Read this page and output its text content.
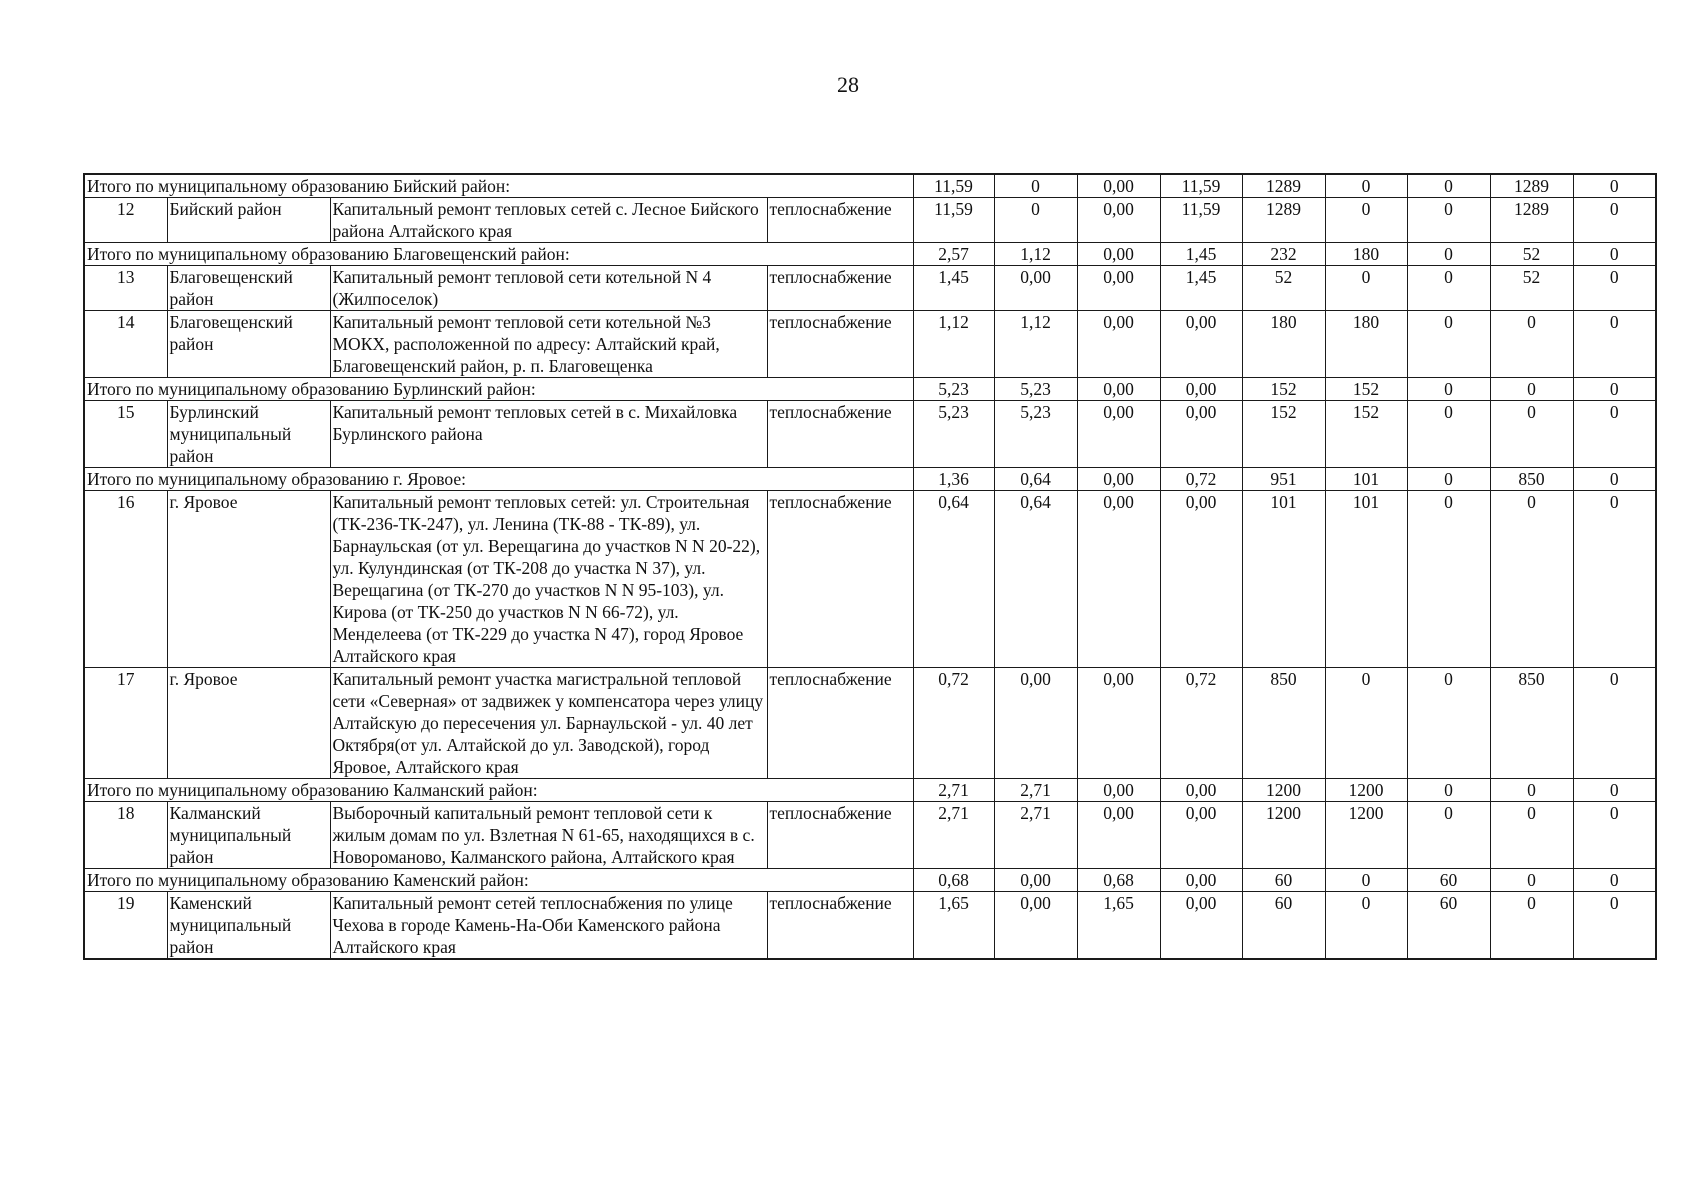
28
Итого по муниципальному образованию Бийский район:				11,59	0	0,00	11,59	1289	0	0	1289	0
12	Бийский район	Капитальный ремонт тепловых сетей с. Лесное Бийского района Алтайского края	теплоснабжение	11,59	0	0,00	11,59	1289	0	0	1289	0
Итого по муниципальному образованию Благовещенский район:				2,57	1,12	0,00	1,45	232	180	0	52	0
13	Благовещенский район	Капитальный ремонт тепловой сети котельной N 4 (Жилпоселок)	теплоснабжение	1,45	0,00	0,00	1,45	52	0	0	52	0
14	Благовещенский район	Капитальный ремонт тепловой сети котельной №3 МОКХ, расположенной по адресу: Алтайский край, Благовещенский район, р. п. Благовещенка	теплоснабжение	1,12	1,12	0,00	0,00	180	180	0	0	0
Итого по муниципальному образованию Бурлинский район:				5,23	5,23	0,00	0,00	152	152	0	0	0
15	Бурлинский муниципальный район	Капитальный ремонт тепловых сетей в с. Михайловка Бурлинского района	теплоснабжение	5,23	5,23	0,00	0,00	152	152	0	0	0
Итого по муниципальному образованию г. Яровое:				1,36	0,64	0,00	0,72	951	101	0	850	0
16	г. Яровое	Капитальный ремонт тепловых сетей: ул. Строительная (ТК-236-ТК-247), ул. Ленина (ТК-88 - ТК-89), ул. Барнаульская (от ул. Верещагина до участков N N 20-22), ул. Кулундинская (от ТК-208 до участка N 37), ул. Верещагина (от ТК-270 до участков N N 95-103), ул. Кирова (от ТК-250 до участков N N 66-72), ул. Менделеева (от ТК-229 до участка N 47), город Яровое Алтайского края	теплоснабжение	0,64	0,64	0,00	0,00	101	101	0	0	0
17	г. Яровое	Капитальный ремонт участка магистральной тепловой сети «Северная» от задвижек у компенсатора через улицу Алтайскую до пересечения ул. Барнаульской - ул. 40 лет Октября(от ул. Алтайской до ул. Заводской), город Яровое, Алтайского края	теплоснабжение	0,72	0,00	0,00	0,72	850	0	0	850	0
Итого по муниципальному образованию Калманский район:				2,71	2,71	0,00	0,00	1200	1200	0	0	0
18	Калманский муниципальный район	Выборочный капитальный ремонт тепловой сети к жилым домам по ул. Взлетная N 61-65, находящихся в с. Новороманово, Калманского района, Алтайского края	теплоснабжение	2,71	2,71	0,00	0,00	1200	1200	0	0	0
Итого по муниципальному образованию Каменский район:				0,68	0,00	0,68	0,00	60	0	60	0	0
19	Каменский муниципальный район	Капитальный ремонт сетей теплоснабжения по улице Чехова в городе Камень-На-Оби Каменского района Алтайского края	теплоснабжение	1,65	0,00	1,65	0,00	60	0	60	0	0
